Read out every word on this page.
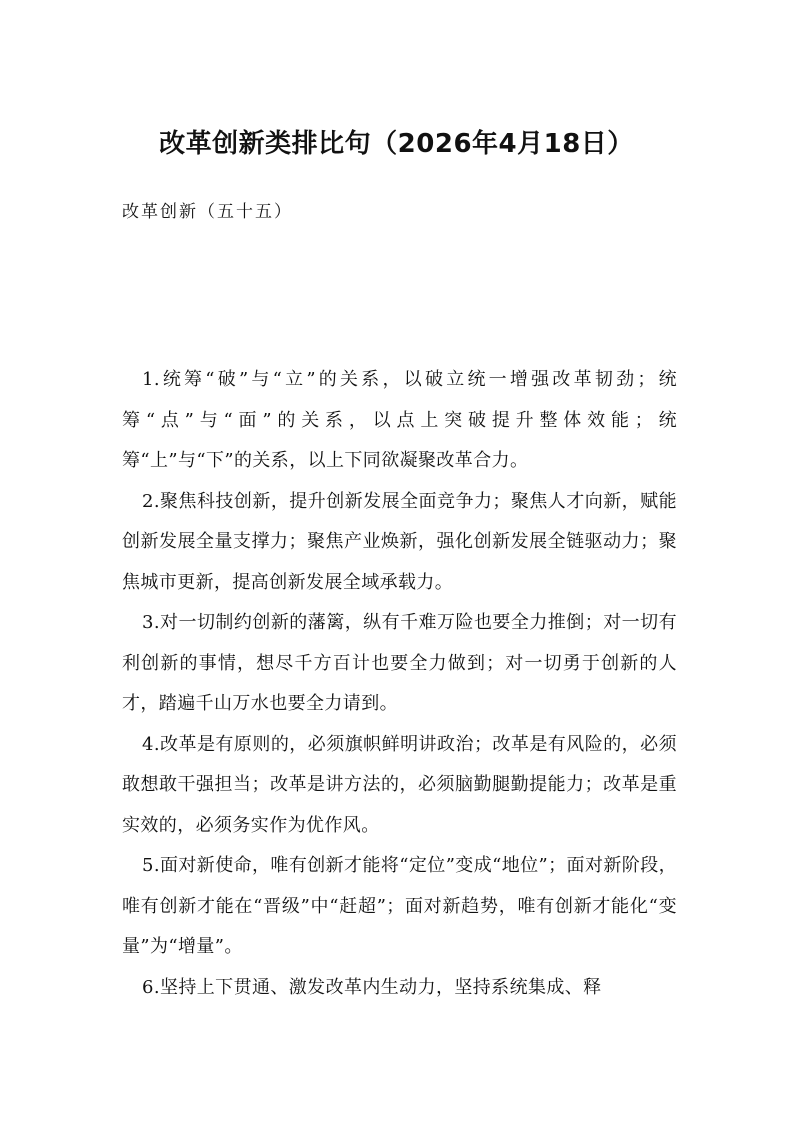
改革创新类排比句（2026年4月18日）

改革创新（五十五）

1.统筹“破”与“立”的关系，以破立统一增强改革韧劲；统筹“点”与“面”的关系，以点上突破提升整体效能；统筹“上”与“下”的关系，以上下同欲凝聚改革合力。

2.聚焦科技创新，提升创新发展全面竞争力；聚焦人才向新，赋能创新发展全量支撑力；聚焦产业焕新，强化创新发展全链驱动力；聚焦城市更新，提高创新发展全域承载力。

3.对一切制约创新的藩篱，纵有千难万险也要全力推倒；对一切有利创新的事情，想尽千方百计也要全力做到；对一切勇于创新的人才，踏遍千山万水也要全力请到。

4.改革是有原则的，必须旗帜鲜明讲政治；改革是有风险的，必须敢想敢干强担当；改革是讲方法的，必须脑勤腿勤提能力；改革是重实效的，必须务实作为优作风。

5.面对新使命，唯有创新才能将“定位”变成“地位”；面对新阶段，唯有创新才能在“晋级”中“赶超”；面对新趋势，唯有创新才能化“变量”为“增量”。

6.坚持上下贯通、激发改革内生动力，坚持系统集成、释
